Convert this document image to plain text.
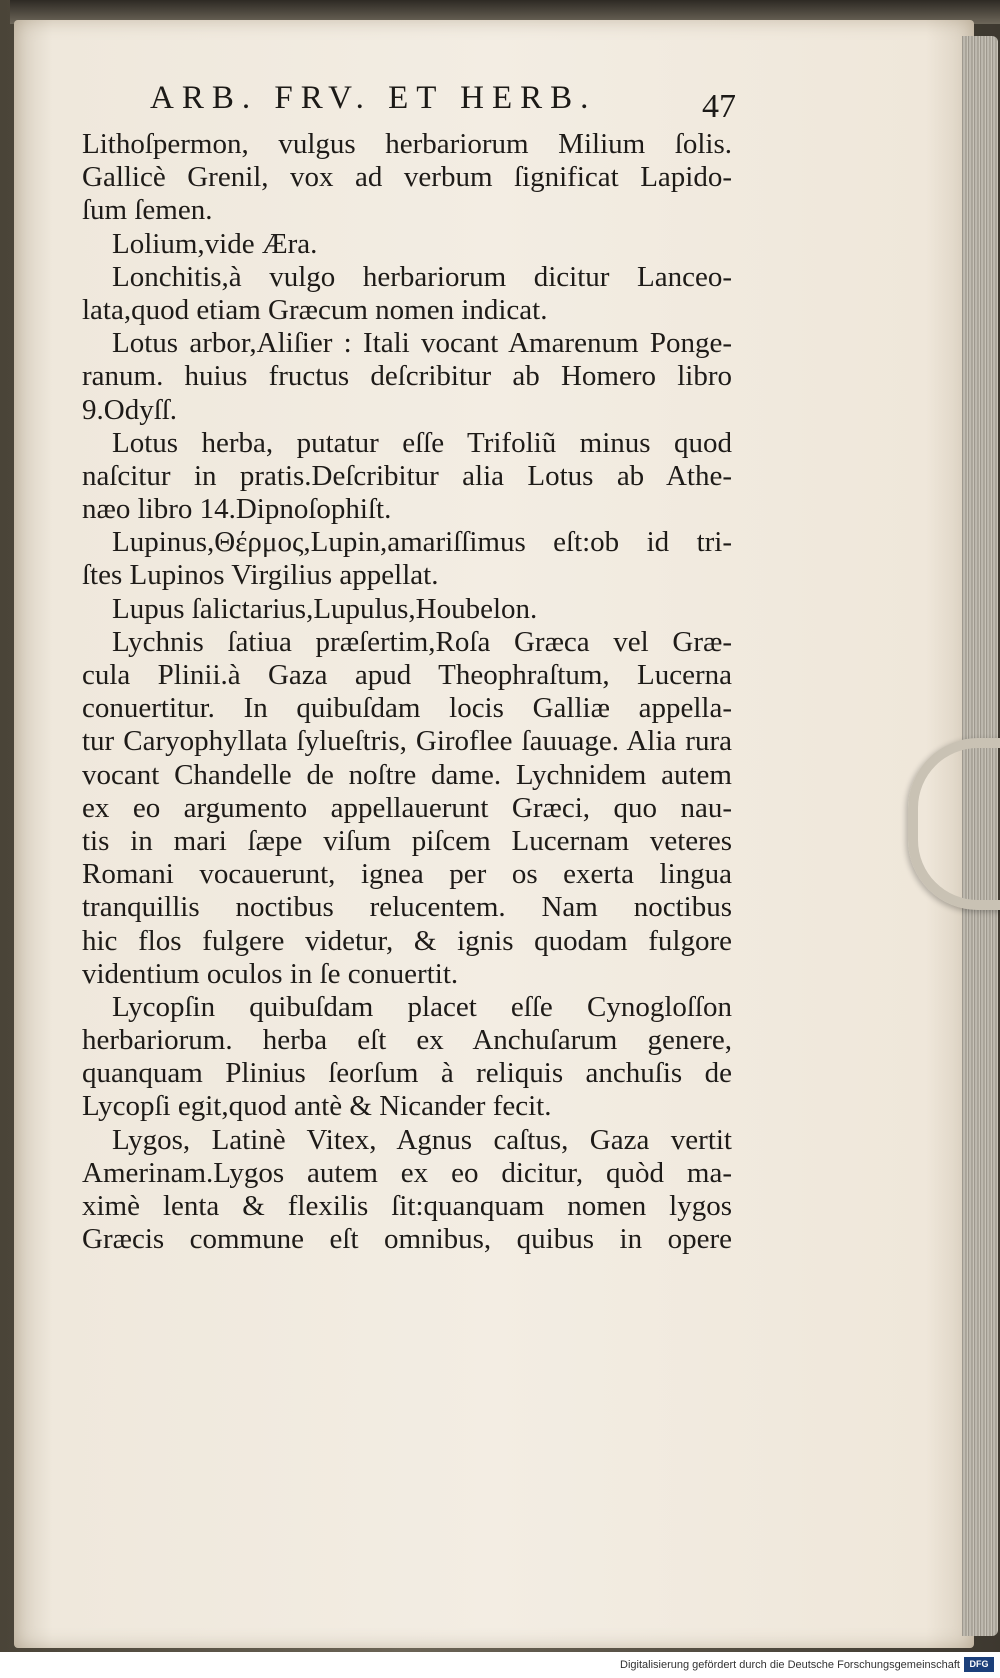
ARB. FRV. ET HERB.	47
Lithoſpermon, vulgus herbariorum Milium ſolis.
Gallicè Grenil, vox ad verbum ſignificat Lapido-
ſum ſemen.
Lolium,vide Æra.
Lonchitis,à vulgo herbariorum dicitur Lanceo-
lata,quod etiam Græcum nomen indicat.
Lotus arbor,Aliſier : Itali vocant Amarenum Ponge-
ranum. huius fructus deſcribitur ab Homero libro
9.Odyſſ.
Lotus herba, putatur eſſe Trifoliũ minus quod
naſcitur in pratis.Deſcribitur alia Lotus ab Athe-
næo libro 14.Dipnoſophiſt.
Lupinus,Θέρμος,Lupin,amariſſimus eſt:ob id tri-
ſtes Lupinos Virgilius appellat.
Lupus ſalictarius,Lupulus,Houbelon.
Lychnis ſatiua præſertim,Roſa Græca vel Græ-
cula Plinii.à Gaza apud Theophraſtum, Lucerna
conuertitur. In quibuſdam locis Galliæ appella-
tur Caryophyllata ſylueſtris, Giroflee ſauuage. Alia rura
vocant Chandelle de noſtre dame. Lychnidem autem
ex eo argumento appellauerunt Græci, quo nau-
tis in mari ſæpe viſum piſcem Lucernam veteres
Romani vocauerunt, ignea per os exerta lingua
tranquillis noctibus relucentem. Nam noctibus
hic flos fulgere videtur, & ignis quodam fulgore
videntium oculos in ſe conuertit.
Lycopſin quibuſdam placet eſſe Cynogloſſon
herbariorum. herba eſt ex Anchuſarum genere,
quanquam Plinius ſeorſum à reliquis anchuſis de
Lycopſi egit,quod antè & Nicander fecit.
Lygos, Latinè Vitex, Agnus caſtus, Gaza vertit
Amerinam.Lygos autem ex eo dicitur, quòd ma-
ximè lenta & flexilis ſit:quanquam nomen lygos
Græcis commune eſt omnibus, quibus in opere
Digitalisierung gefördert durch die Deutsche Forschungsgemeinschaft	DFG
